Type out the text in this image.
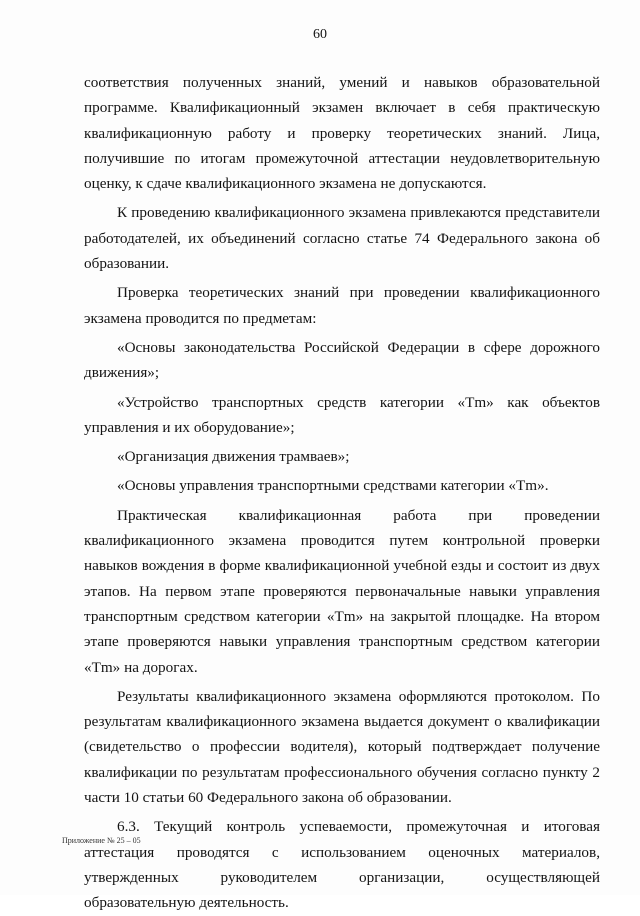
60

соответствия полученных знаний, умений и навыков образовательной программе. Квалификационный экзамен включает в себя практическую квалификационную работу и проверку теоретических знаний. Лица, получившие по итогам промежуточной аттестации неудовлетворительную оценку, к сдаче квалификационного экзамена не допускаются.

К проведению квалификационного экзамена привлекаются представители работодателей, их объединений согласно статье 74 Федерального закона об образовании.

Проверка теоретических знаний при проведении квалификационного экзамена проводится по предметам:

«Основы законодательства Российской Федерации в сфере дорожного движения»;

«Устройство транспортных средств категории «Tm» как объектов управления и их оборудование»;

«Организация движения трамваев»;

«Основы управления транспортными средствами категории «Tm».

Практическая квалификационная работа при проведении квалификационного экзамена проводится путем контрольной проверки навыков вождения в форме квалификационной учебной езды и состоит из двух этапов. На первом этапе проверяются первоначальные навыки управления транспортным средством категории «Tm» на закрытой площадке. На втором этапе проверяются навыки управления транспортным средством категории «Tm» на дорогах.

Результаты квалификационного экзамена оформляются протоколом. По результатам квалификационного экзамена выдается документ о квалификации (свидетельство о профессии водителя), который подтверждает получение квалификации по результатам профессионального обучения согласно пункту 2 части 10 статьи 60 Федерального закона об образовании.

6.3. Текущий контроль успеваемости, промежуточная и итоговая аттестация проводятся с использованием оценочных материалов, утвержденных руководителем организации, осуществляющей образовательную деятельность.

Приложение № 25 – 05
